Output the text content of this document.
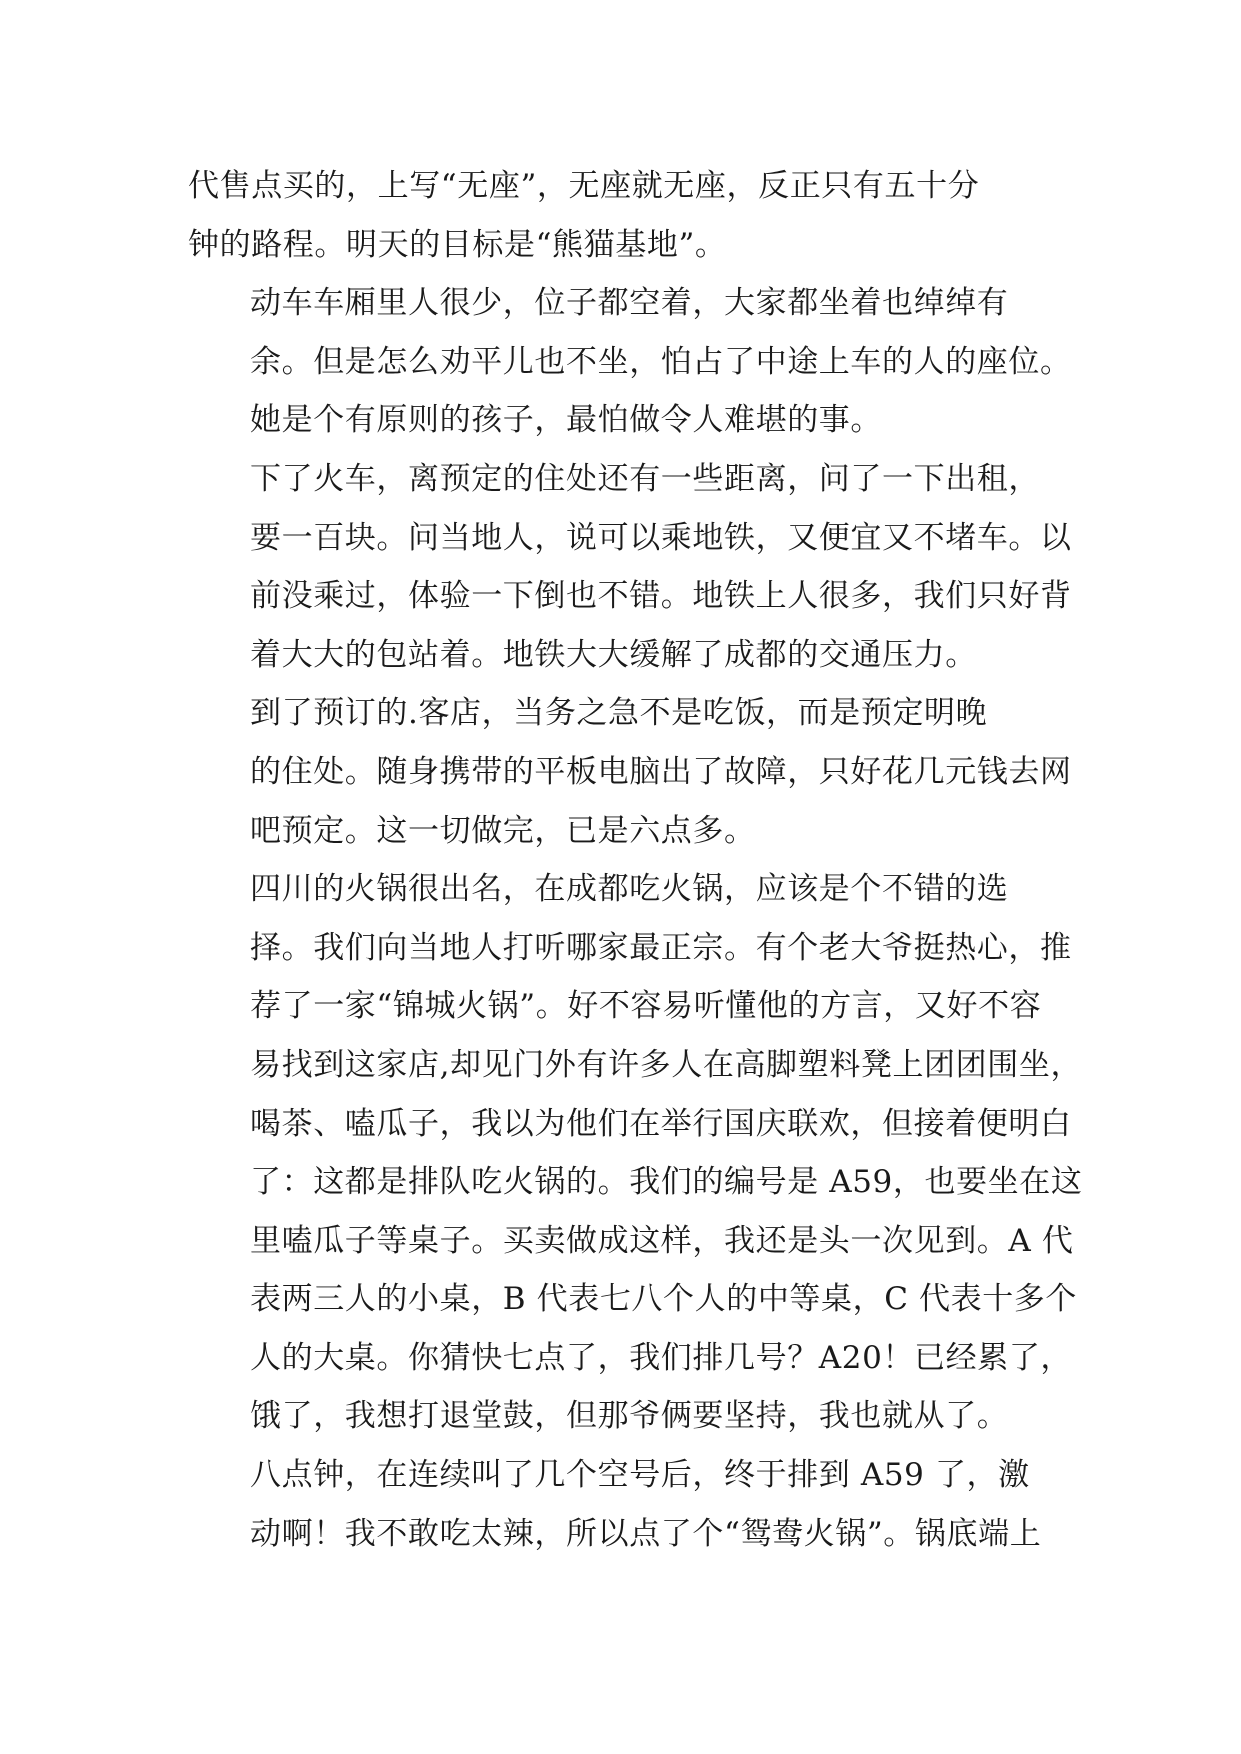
代售点买的，上写“无座”，无座就无座，反正只有五十分
钟的路程。明天的目标是“熊猫基地”。

动车车厢里人很少，位子都空着，大家都坐着也绰绰有
余。但是怎么劝平儿也不坐，怕占了中途上车的人的座位。
她是个有原则的孩子，最怕做令人难堪的事。

下了火车，离预定的住处还有一些距离，问了一下出租，
要一百块。问当地人，说可以乘地铁，又便宜又不堵车。以
前没乘过，体验一下倒也不错。地铁上人很多，我们只好背
着大大的包站着。地铁大大缓解了成都的交通压力。

到了预订的.客店，当务之急不是吃饭，而是预定明晚
的住处。随身携带的平板电脑出了故障，只好花几元钱去网
吧预定。这一切做完，已是六点多。

四川的火锅很出名，在成都吃火锅，应该是个不错的选
择。我们向当地人打听哪家最正宗。有个老大爷挺热心，推
荐了一家“锦城火锅”。好不容易听懂他的方言，又好不容
易找到这家店,却见门外有许多人在高脚塑料凳上团团围坐，
喝茶、嗑瓜子，我以为他们在举行国庆联欢，但接着便明白
了：这都是排队吃火锅的。我们的编号是 A59，也要坐在这
里嗑瓜子等桌子。买卖做成这样，我还是头一次见到。A 代
表两三人的小桌，B 代表七八个人的中等桌，C 代表十多个
人的大桌。你猜快七点了，我们排几号？A20！已经累了，
饿了，我想打退堂鼓，但那爷俩要坚持，我也就从了。

八点钟，在连续叫了几个空号后，终于排到 A59 了，激
动啊！我不敢吃太辣，所以点了个“鸳鸯火锅”。锅底端上
